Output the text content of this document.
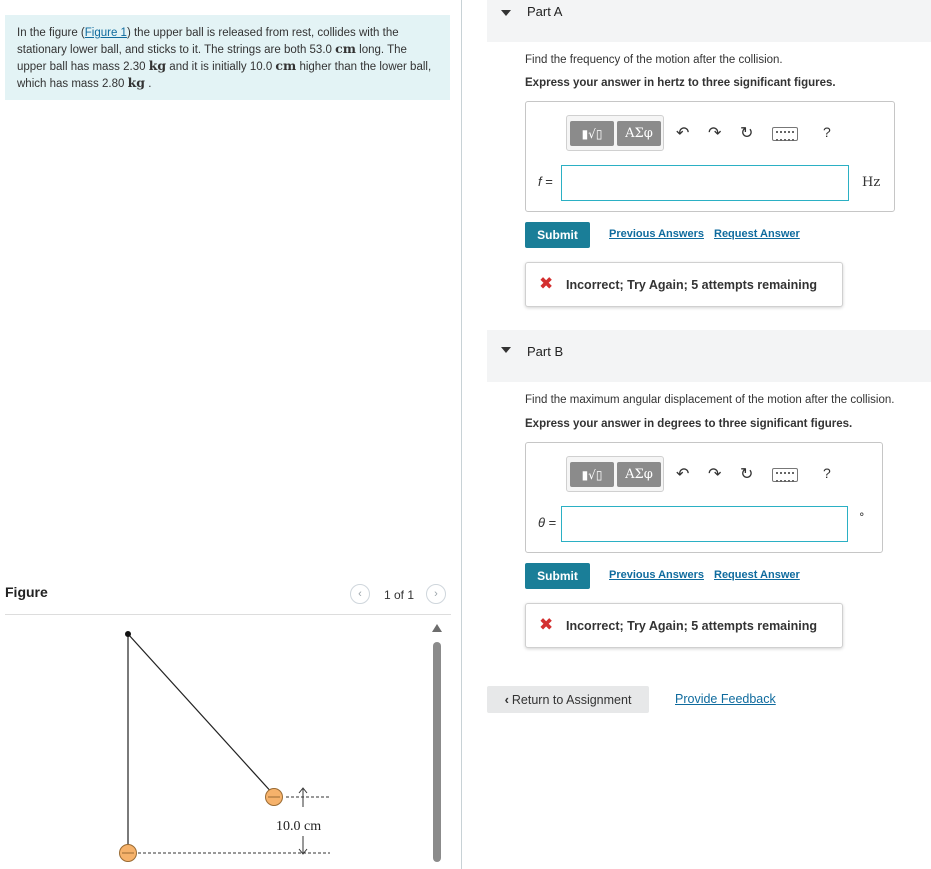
In the figure (Figure 1) the upper ball is released from rest, collides with the stationary lower ball, and sticks to it. The strings are both 53.0 cm long. The upper ball has mass 2.30 kg and it is initially 10.0 cm higher than the lower ball, which has mass 2.80 kg .
Figure	‹	1 of 1	›
10.0 cm
Part A
Find the frequency of the motion after the collision.
Express your answer in hertz to three significant figures.
▮√▯	ΑΣφ	↶ ↷ ↻	?
f =	Hz
Submit	Previous Answers Request Answer
✖ Incorrect; Try Again; 5 attempts remaining
Part B
Find the maximum angular displacement of the motion after the collision.
Express your answer in degrees to three significant figures.
▮√▯	ΑΣφ	↶ ↷ ↻	?
θ =	°
Submit	Previous Answers Request Answer
✖ Incorrect; Try Again; 5 attempts remaining
‹ Return to Assignment	Provide Feedback
